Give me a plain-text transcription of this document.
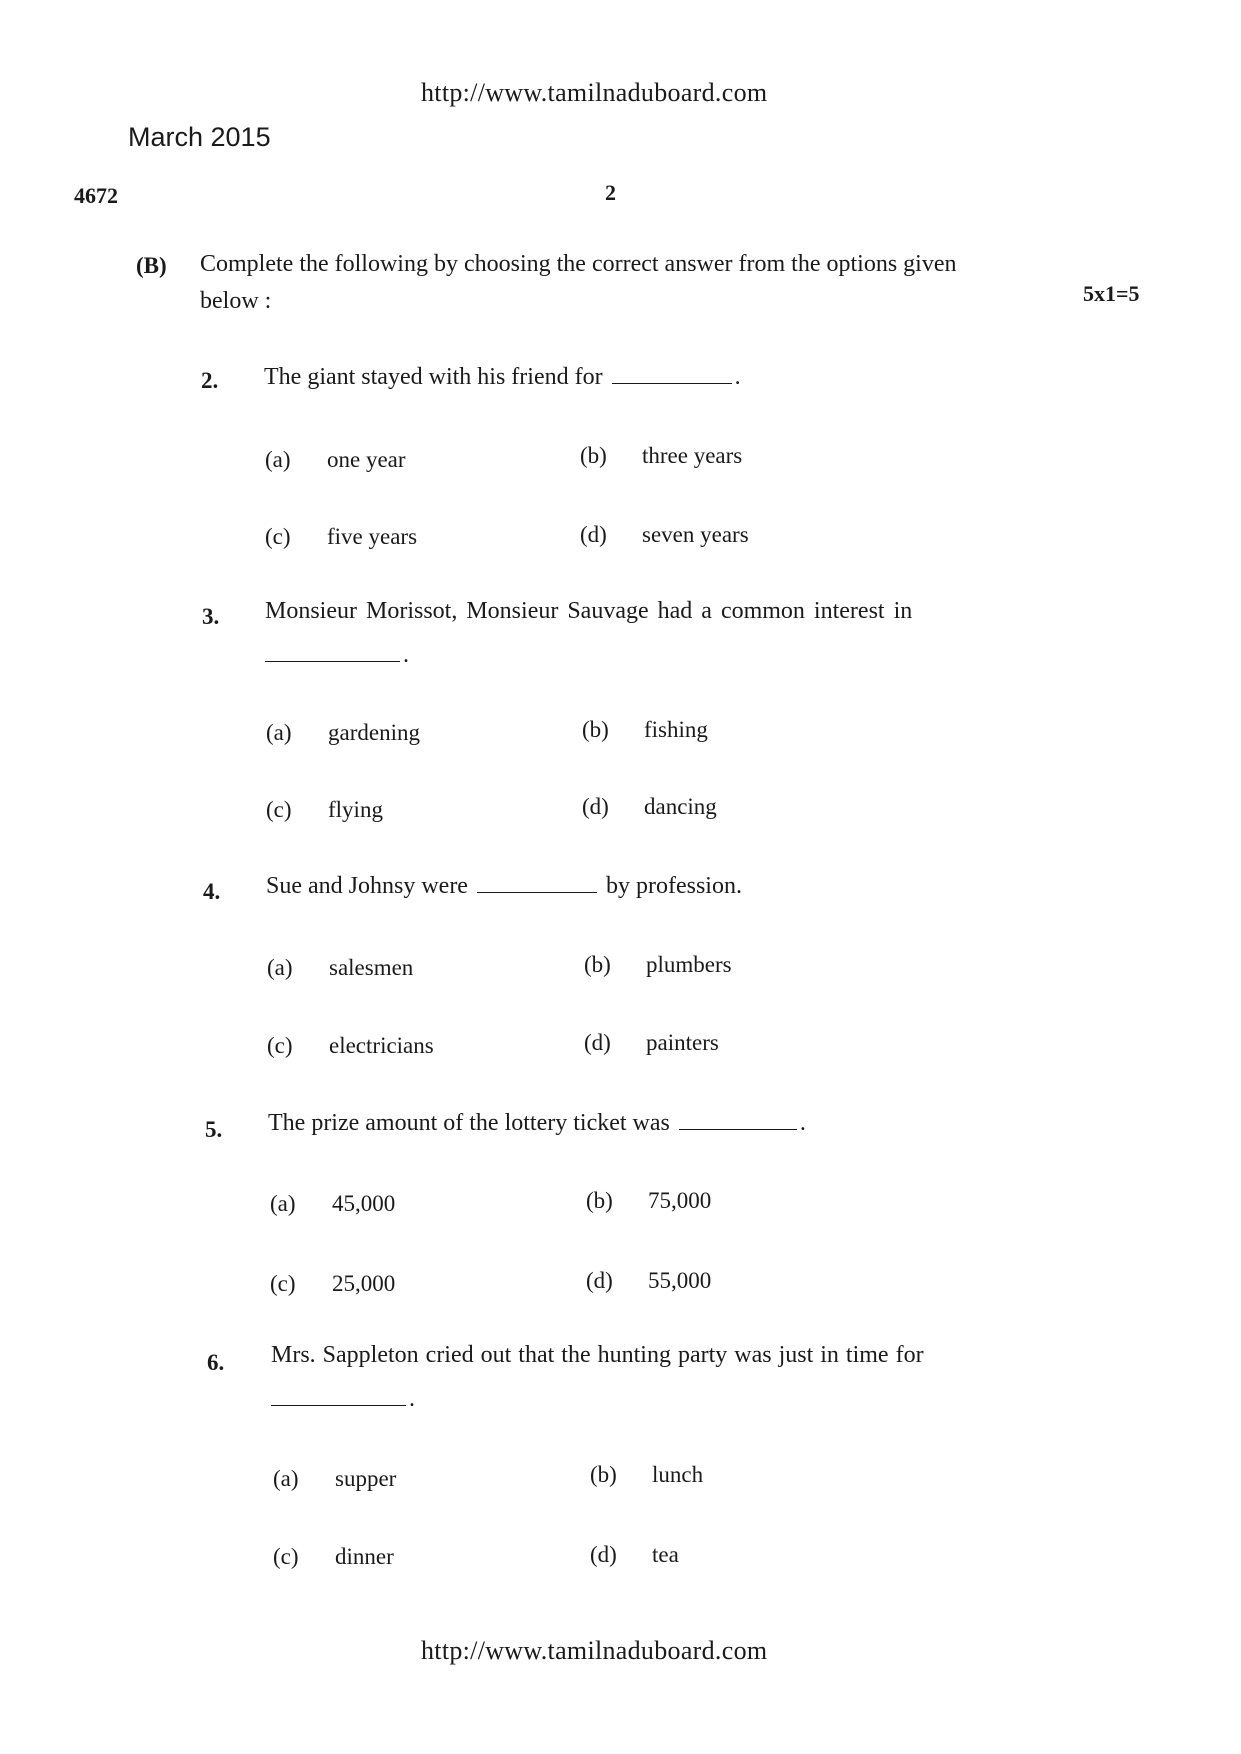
http://www.tamilnaduboard.com
March 2015
4672	2
(B) Complete the following by choosing the correct answer from the options given
below :	5x1=5
2. The giant stayed with his friend for	.
(a) one year	(b) three years
(c) five years	(d) seven years
3. Monsieur Morissot, Monsieur Sauvage had a common interest in
.
(a) gardening	(b) fishing
(c) flying	(d) dancing
4. Sue and Johnsy were	by profession.
(a) salesmen	(b) plumbers
(c) electricians	(d) painters
5. The prize amount of the lottery ticket was	.
(a) 45,000	(b) 75,000
(c) 25,000	(d) 55,000
6. Mrs. Sappleton cried out that the hunting party was just in time for
.
(a) supper	(b) lunch
(c) dinner	(d) tea
http://www.tamilnaduboard.com
